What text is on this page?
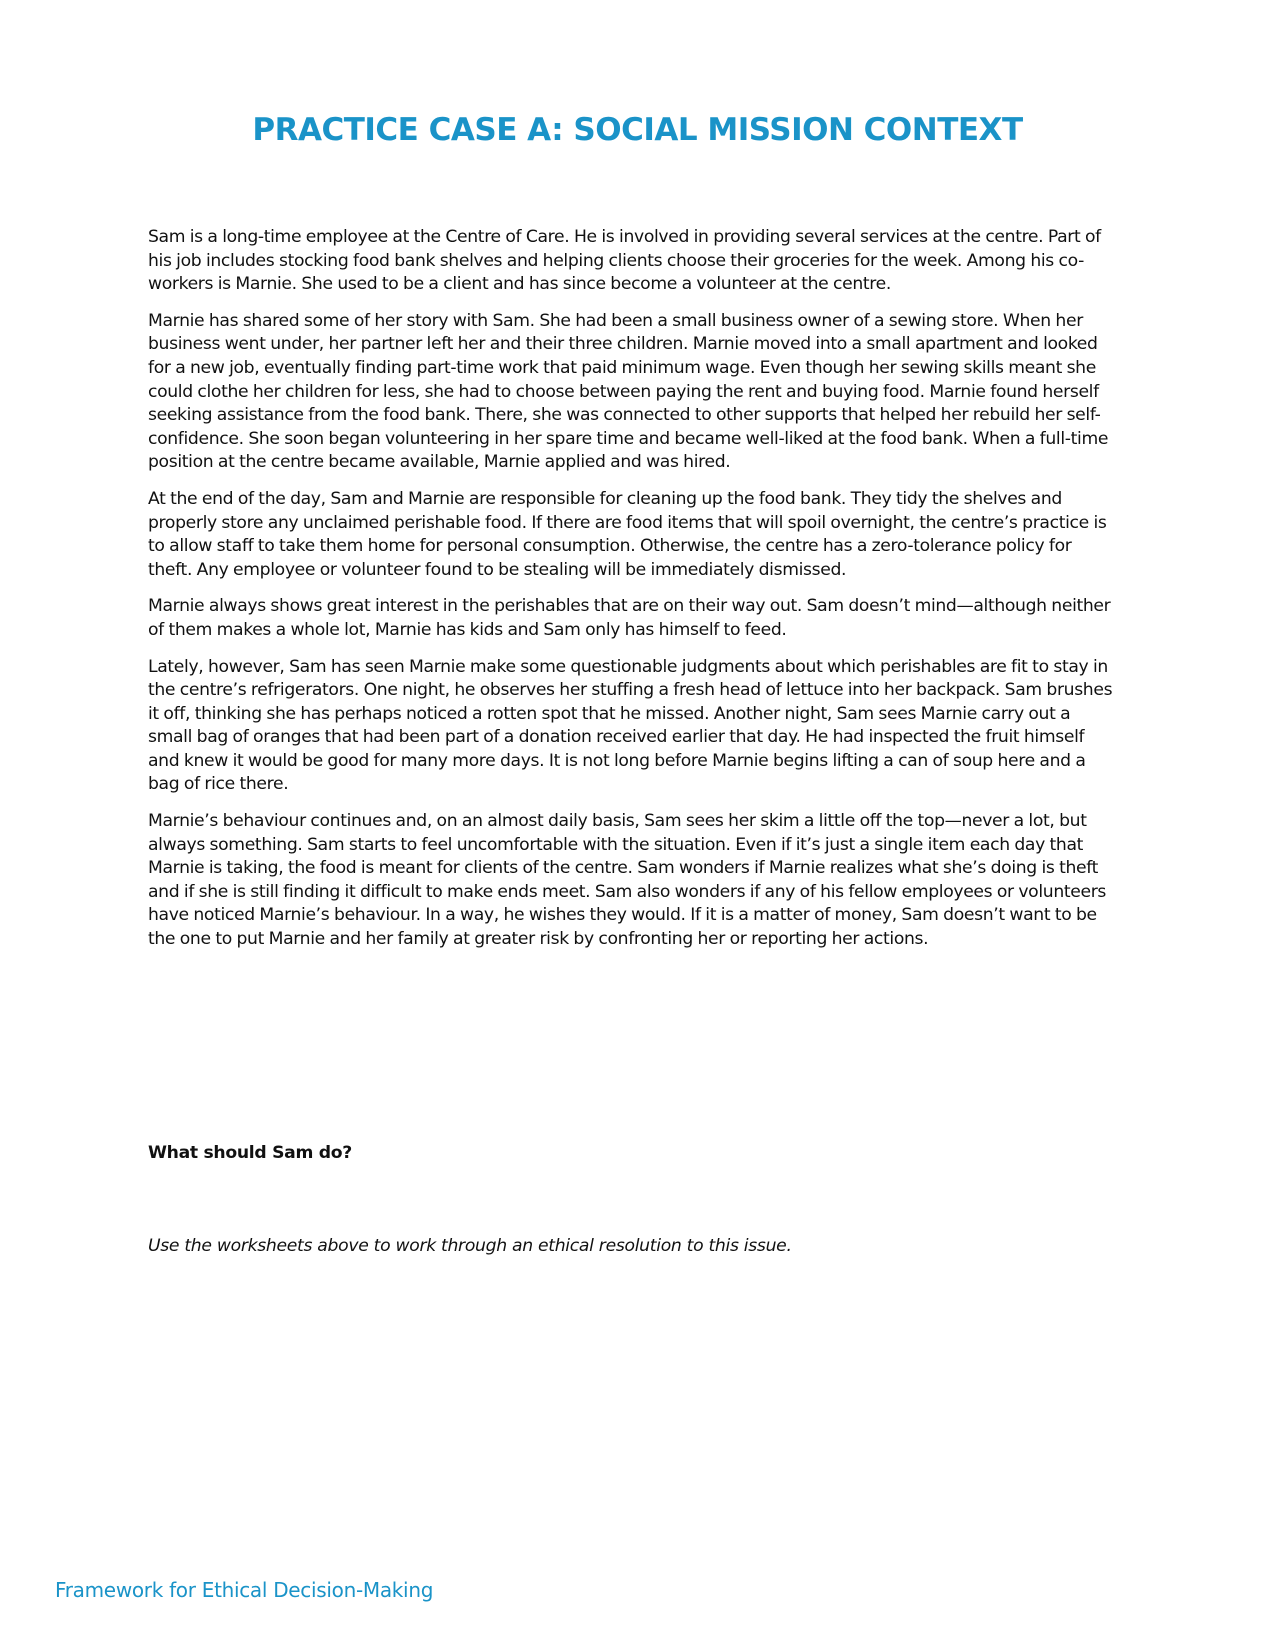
PRACTICE CASE A: SOCIAL MISSION CONTEXT

Sam is a long-time employee at the Centre of Care. He is involved in providing several services at the centre. Part of his job includes stocking food bank shelves and helping clients choose their groceries for the week. Among his co-workers is Marnie. She used to be a client and has since become a volunteer at the centre.

Marnie has shared some of her story with Sam. She had been a small business owner of a sewing store. When her business went under, her partner left her and their three children. Marnie moved into a small apartment and looked for a new job, eventually finding part-time work that paid minimum wage. Even though her sewing skills meant she could clothe her children for less, she had to choose between paying the rent and buying food. Marnie found herself seeking assistance from the food bank. There, she was connected to other supports that helped her rebuild her self-confidence. She soon began volunteering in her spare time and became well-liked at the food bank. When a full-time position at the centre became available, Marnie applied and was hired.

At the end of the day, Sam and Marnie are responsible for cleaning up the food bank. They tidy the shelves and properly store any unclaimed perishable food. If there are food items that will spoil overnight, the centre’s practice is to allow staff to take them home for personal consumption. Otherwise, the centre has a zero-tolerance policy for theft. Any employee or volunteer found to be stealing will be immediately dismissed.

Marnie always shows great interest in the perishables that are on their way out. Sam doesn’t mind—although neither of them makes a whole lot, Marnie has kids and Sam only has himself to feed.

Lately, however, Sam has seen Marnie make some questionable judgments about which perishables are fit to stay in the centre’s refrigerators. One night, he observes her stuffing a fresh head of lettuce into her backpack. Sam brushes it off, thinking she has perhaps noticed a rotten spot that he missed. Another night, Sam sees Marnie carry out a small bag of oranges that had been part of a donation received earlier that day. He had inspected the fruit himself and knew it would be good for many more days. It is not long before Marnie begins lifting a can of soup here and a bag of rice there.

Marnie’s behaviour continues and, on an almost daily basis, Sam sees her skim a little off the top—never a lot, but always something. Sam starts to feel uncomfortable with the situation. Even if it’s just a single item each day that Marnie is taking, the food is meant for clients of the centre. Sam wonders if Marnie realizes what she’s doing is theft and if she is still finding it difficult to make ends meet. Sam also wonders if any of his fellow employees or volunteers have noticed Marnie’s behaviour. In a way, he wishes they would. If it is a matter of money, Sam doesn’t want to be the one to put Marnie and her family at greater risk by confronting her or reporting her actions.

What should Sam do?

Use the worksheets above to work through an ethical resolution to this issue.

Framework for Ethical Decision-Making
